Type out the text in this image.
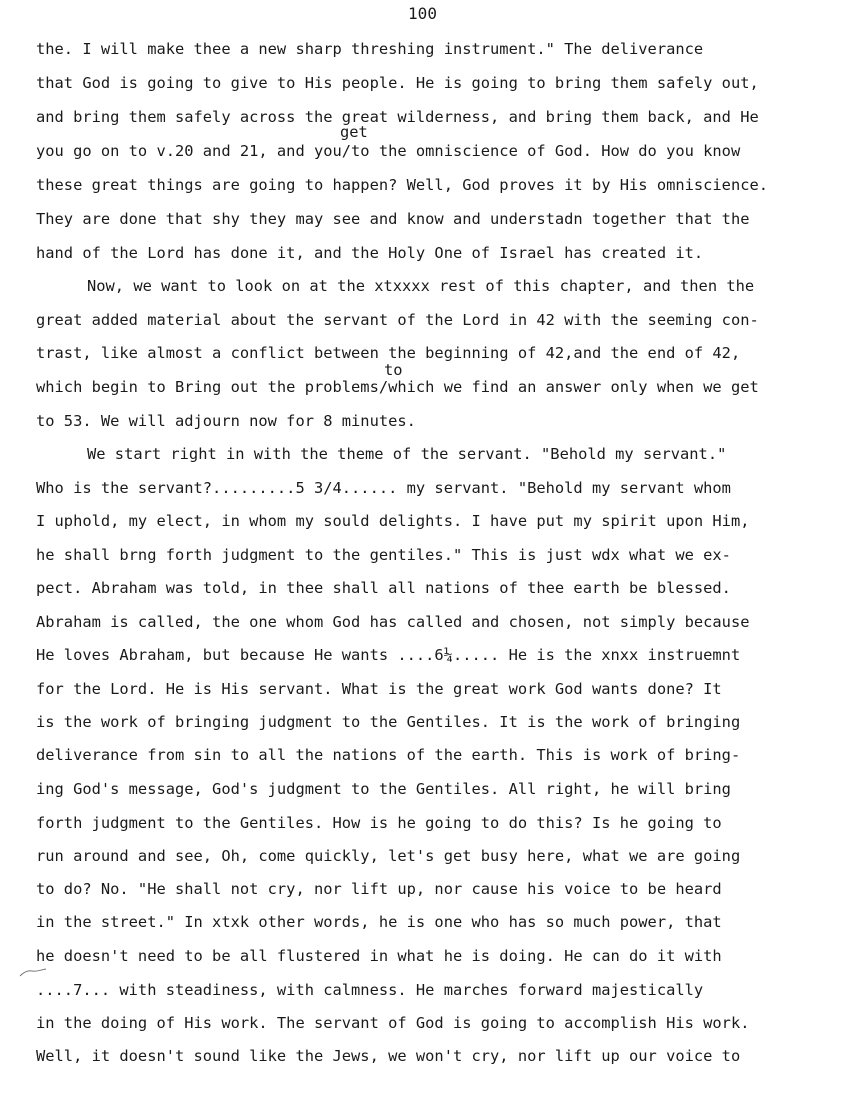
100
get
to
the. I will make thee a new sharp threshing instrument." The deliverance
that God is going to give to His people. He is going to bring them safely out,
and bring them safely across the great wilderness, and bring them back, and He
you go on to v.20 and 21, and you/to the omniscience of God. How do you know
these great things are going to happen? Well, God proves it by His omniscience.
They are done that shy they may see and know and understadn together that the
hand of the Lord has done it, and the Holy One of Israel has created it.
Now, we want to look on at the xtxxxx rest of this chapter, and then the
great added material about the servant of the Lord in 42 with the seeming con-
trast, like almost a conflict between the beginning of 42,and the end of 42,
which begin to Bring out the problems/which we find an answer only when we get
to 53. We will adjourn now for 8 minutes.
We start right in with the theme of the servant. "Behold my servant."
Who is the servant?.........5 3/4...... my servant. "Behold my servant whom
I uphold, my elect, in whom my sould delights. I have put my spirit upon Him,
he shall brng forth judgment to the gentiles." This is just wdx what we ex-
pect. Abraham was told, in thee shall all nations of thee earth be blessed.
Abraham is called, the one whom God has called and chosen, not simply because
He loves Abraham, but because He wants ....6¼..... He is the xnxx instruemnt
for the Lord. He is His servant. What is the great work God wants done? It
is the work of bringing judgment to the Gentiles. It is the work of bringing
deliverance from sin to all the nations of the earth. This is work of bring-
ing God's message, God's judgment to the Gentiles. All right, he will bring
forth judgment to the Gentiles. How is he going to do this? Is he going to
run around and see, Oh, come quickly, let's get busy here, what we are going
to do? No. "He shall not cry, nor lift up, nor cause his voice to be heard
in the street." In xtxk other words, he is one who has so much power, that
he doesn't need to be all flustered in what he is doing. He can do it with
....7... with steadiness, with calmness. He marches forward majestically
in the doing of His work. The servant of God is going to accomplish His work.
Well, it doesn't sound like the Jews, we won't cry, nor lift up our voice to
